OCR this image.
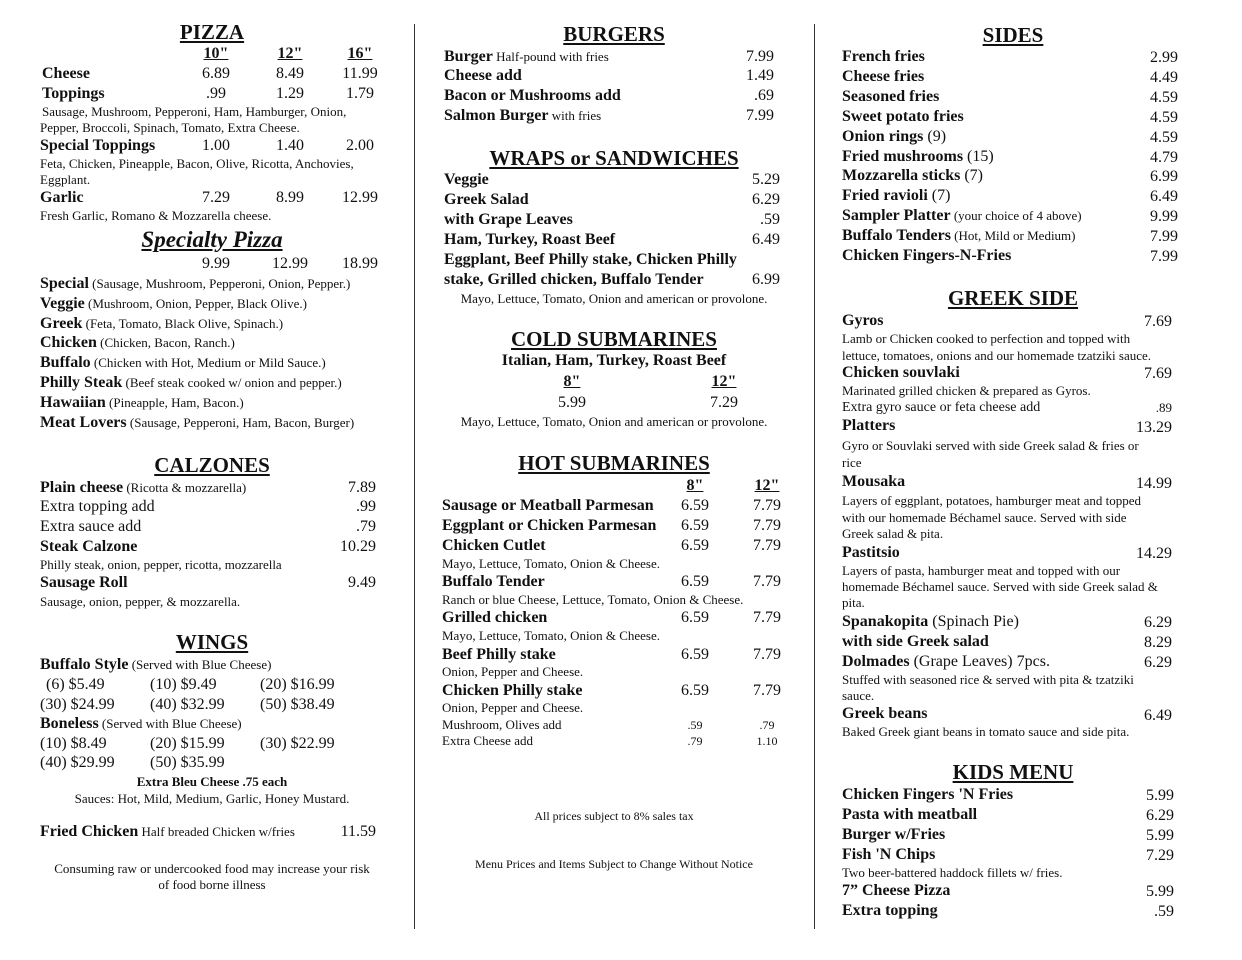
PIZZA
10"	12"	16"
Cheese	6.89	8.49	11.99
Toppings	.99	1.29	1.79
Sausage, Mushroom, Pepperoni, Ham, Hamburger, Onion,
Pepper, Broccoli, Spinach, Tomato, Extra Cheese.
Special Toppings	1.00	1.40	2.00
Feta, Chicken, Pineapple, Bacon, Olive, Ricotta, Anchovies,
Eggplant.
Garlic	7.29	8.99	12.99
Fresh Garlic, Romano & Mozzarella cheese.
Specialty Pizza
9.99	12.99	18.99
Special (Sausage, Mushroom, Pepperoni, Onion, Pepper.)
Veggie (Mushroom, Onion, Pepper, Black Olive.)
Greek (Feta, Tomato, Black Olive, Spinach.)
Chicken (Chicken, Bacon, Ranch.)
Buffalo (Chicken with Hot, Medium or Mild Sauce.)
Philly Steak (Beef steak cooked w/ onion and pepper.)
Hawaiian (Pineapple, Ham, Bacon.)
Meat Lovers (Sausage, Pepperoni, Ham, Bacon, Burger)
CALZONES
Plain cheese (Ricotta & mozzarella)	7.89
Extra topping add	.99
Extra sauce add	.79
Steak Calzone	10.29
Philly steak, onion, pepper, ricotta, mozzarella
Sausage Roll	9.49
Sausage, onion, pepper, & mozzarella.
WINGS
Buffalo Style (Served with Blue Cheese)
(6) $5.49	(10) $9.49	(20) $16.99
(30) $24.99 (40) $32.99 (50) $38.49
Boneless (Served with Blue Cheese)
(10) $8.49	(20) $15.99 (30) $22.99
(40) $29.99 (50) $35.99
Extra Bleu Cheese .75 each
Sauces: Hot, Mild, Medium, Garlic, Honey Mustard.
Fried Chicken Half breaded Chicken w/fries	11.59
Consuming raw or undercooked food may increase your risk
of food borne illness
BURGERS
Burger Half-pound with fries	7.99
Cheese add	1.49
Bacon or Mushrooms add	.69
Salmon Burger with fries	7.99
WRAPS or SANDWICHES
Veggie	5.29
Greek Salad	6.29
with Grape Leaves	.59
Ham, Turkey, Roast Beef	6.49
Eggplant, Beef Philly stake, Chicken Philly
stake, Grilled chicken, Buffalo Tender	6.99
Mayo, Lettuce, Tomato, Onion and american or provolone.
COLD SUBMARINES
Italian, Ham, Turkey, Roast Beef
8"	12"
5.99	7.29
Mayo, Lettuce, Tomato, Onion and american or provolone.
HOT SUBMARINES
8"	12"
Sausage or Meatball Parmesan	6.59	7.79
Eggplant or Chicken Parmesan	6.59	7.79
Chicken Cutlet	6.59	7.79
Mayo, Lettuce, Tomato, Onion & Cheese.
Buffalo Tender	6.59	7.79
Ranch or blue Cheese, Lettuce, Tomato, Onion & Cheese.
Grilled chicken	6.59	7.79
Mayo, Lettuce, Tomato, Onion & Cheese.
Beef Philly stake	6.59	7.79
Onion, Pepper and Cheese.
Chicken Philly stake	6.59	7.79
Onion, Pepper and Cheese.
Mushroom, Olives add	.59	.79
Extra Cheese add	.79	1.10
All prices subject to 8% sales tax
Menu Prices and Items Subject to Change Without Notice
SIDES
French fries	2.99
Cheese fries	4.49
Seasoned fries	4.59
Sweet potato fries	4.59
Onion rings (9)	4.59
Fried mushrooms (15)	4.79
Mozzarella sticks (7)	6.99
Fried ravioli (7)	6.49
Sampler Platter (your choice of 4 above)	9.99
Buffalo Tenders (Hot, Mild or Medium)	7.99
Chicken Fingers-N-Fries	7.99
GREEK SIDE
Gyros	7.69
Lamb or Chicken cooked to perfection and topped with
lettuce, tomatoes, onions and our homemade tzatziki sauce.
Chicken souvlaki	7.69
Marinated grilled chicken & prepared as Gyros.
Extra gyro sauce or feta cheese add	.89
Platters	13.29
Gyro or Souvlaki served with side Greek salad & fries or
rice
Mousaka	14.99
Layers of eggplant, potatoes, hamburger meat and topped
with our homemade Béchamel sauce. Served with side
Greek salad & pita.
Pastitsio	14.29
Layers of pasta, hamburger meat and topped with our
homemade Béchamel sauce. Served with side Greek salad &
pita.
Spanakopita (Spinach Pie)	6.29
with side Greek salad	8.29
Dolmades (Grape Leaves) 7pcs.	6.29
Stuffed with seasoned rice & served with pita & tzatziki
sauce.
Greek beans	6.49
Baked Greek giant beans in tomato sauce and side pita.
KIDS MENU
Chicken Fingers 'N Fries	5.99
Pasta with meatball	6.29
Burger w/Fries	5.99
Fish 'N Chips	7.29
Two beer-battered haddock fillets w/ fries.
7” Cheese Pizza	5.99
Extra topping	.59
